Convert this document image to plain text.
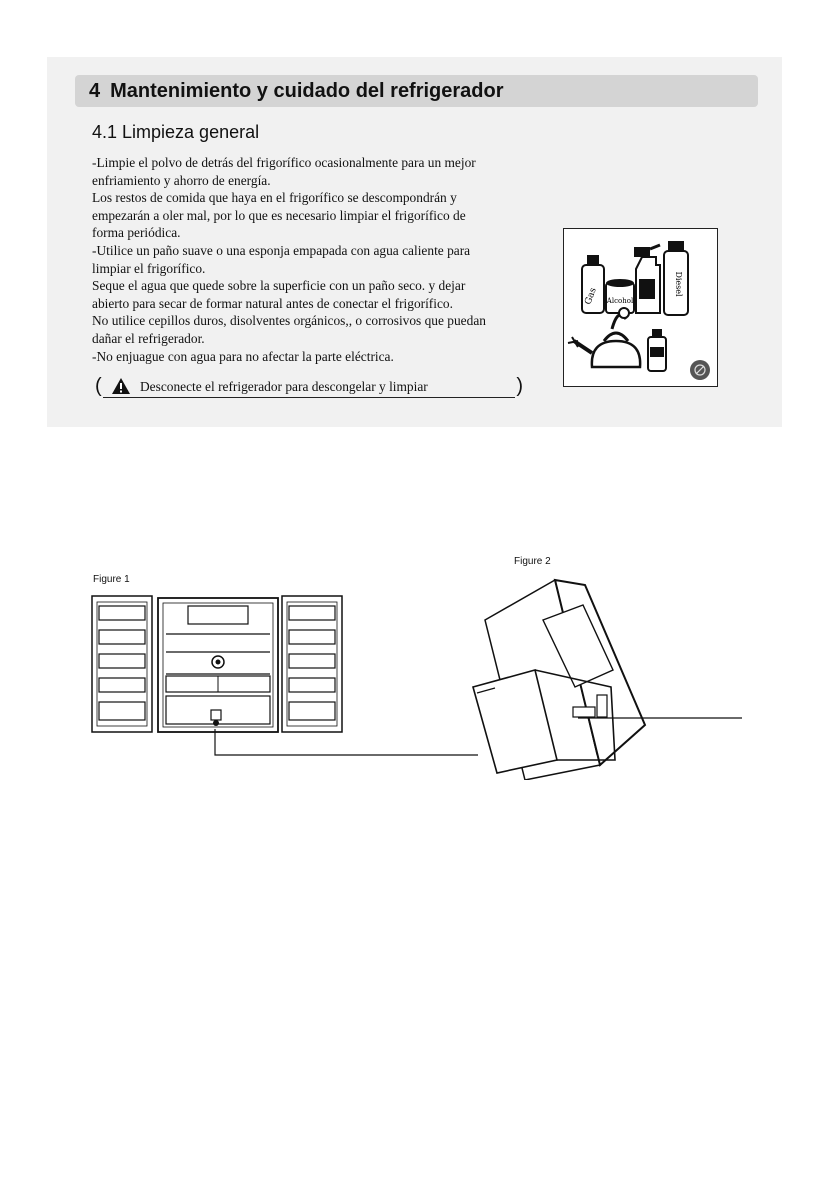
4 Mantenimiento y cuidado del refrigerador
4.1 Limpieza general

-Limpie el polvo de detrás del frigorífico ocasionalmente para un mejor

enfriamiento y ahorro de energía.

Los restos de comida que haya en el frigorífico se descompondrán y

empezarán a oler mal, por lo que es necesario limpiar el frigorífico de

forma periódica.

-Utilice un paño suave o una esponja empapada con agua caliente para

limpiar el frigorífico.

Seque el agua que quede sobre la superficie con un paño seco. y dejar

abierto para secar de formar natural antes de conectar el frigorífico.

No utilice cepillos duros, disolventes orgánicos,, o corrosivos que puedan

dañar el refrigerador.

-No enjuague con agua para no afectar la parte eléctrica.

(	Desconecte el refrigerador para descongelar y limpiar	)
Gas Alcohol
Diesel
Figure 1
Figure 2
